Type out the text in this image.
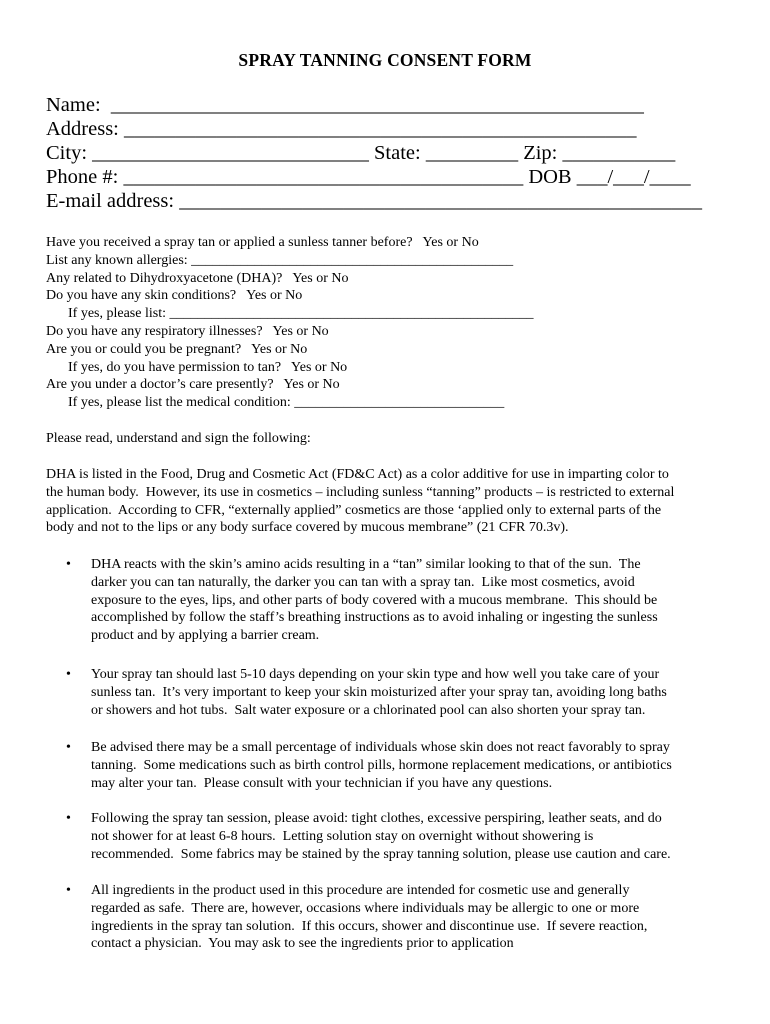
SPRAY TANNING CONSENT FORM
Name:  ____________________________________________________
Address: __________________________________________________
City: ___________________________ State: _________ Zip: ___________
Phone #: _______________________________________ DOB ___/___/____
E-mail address: ___________________________________________________
Have you received a spray tan or applied a sunless tanner before?   Yes or No
List any known allergies: ______________________________________________
Any related to Dihydroxyacetone (DHA)?   Yes or No
Do you have any skin conditions?   Yes or No
If yes, please list: ____________________________________________________
Do you have any respiratory illnesses?   Yes or No
Are you or could you be pregnant?   Yes or No
If yes, do you have permission to tan?   Yes or No
Are you under a doctor’s care presently?   Yes or No
If yes, please list the medical condition: ______________________________
Please read, understand and sign the following:
DHA is listed in the Food, Drug and Cosmetic Act (FD&C Act) as a color additive for use in imparting color to
the human body.  However, its use in cosmetics – including sunless “tanning” products – is restricted to external
application.  According to CFR, “externally applied” cosmetics are those ‘applied only to external parts of the
body and not to the lips or any body surface covered by mucous membrane” (21 CFR 70.3v).
• DHA reacts with the skin’s amino acids resulting in a “tan” similar looking to that of the sun.  The
darker you can tan naturally, the darker you can tan with a spray tan.  Like most cosmetics, avoid
exposure to the eyes, lips, and other parts of body covered with a mucous membrane.  This should be
accomplished by follow the staff’s breathing instructions as to avoid inhaling or ingesting the sunless
product and by applying a barrier cream.
• Your spray tan should last 5-10 days depending on your skin type and how well you take care of your
sunless tan.  It’s very important to keep your skin moisturized after your spray tan, avoiding long baths
or showers and hot tubs.  Salt water exposure or a chlorinated pool can also shorten your spray tan.
• Be advised there may be a small percentage of individuals whose skin does not react favorably to spray
tanning.  Some medications such as birth control pills, hormone replacement medications, or antibiotics
may alter your tan.  Please consult with your technician if you have any questions.
• Following the spray tan session, please avoid: tight clothes, excessive perspiring, leather seats, and do
not shower for at least 6-8 hours.  Letting solution stay on overnight without showering is
recommended.  Some fabrics may be stained by the spray tanning solution, please use caution and care.
• All ingredients in the product used in this procedure are intended for cosmetic use and generally
regarded as safe.  There are, however, occasions where individuals may be allergic to one or more
ingredients in the spray tan solution.  If this occurs, shower and discontinue use.  If severe reaction,
contact a physician.  You may ask to see the ingredients prior to application
